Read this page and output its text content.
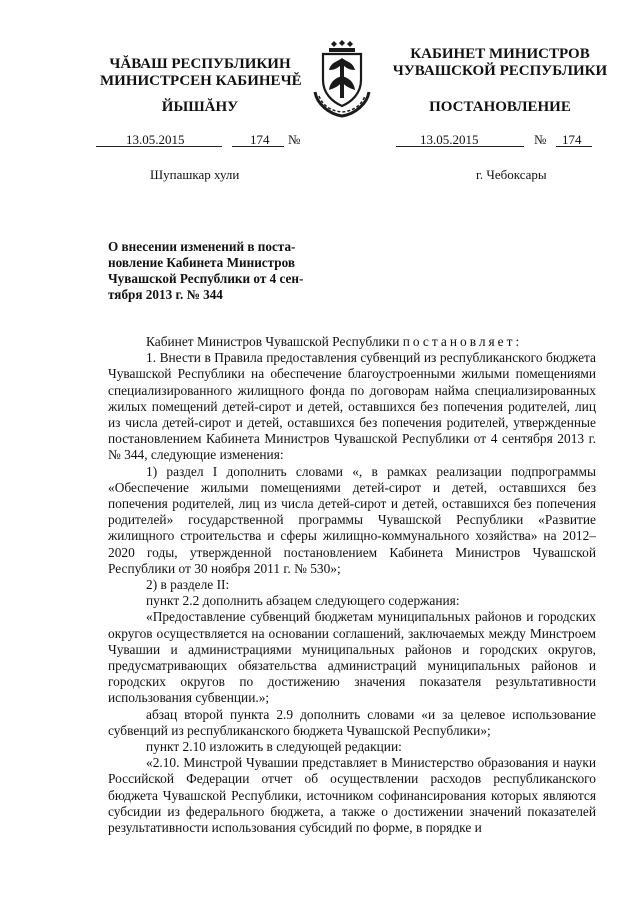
ЧĂВАШ РЕСПУБЛИКИН
МИНИСТРСЕН КАБИНЕЧĚ
ЙЫШĂНУ
КАБИНЕТ МИНИСТРОВ
ЧУВАШСКОЙ РЕСПУБЛИКИ
ПОСТАНОВЛЕНИЕ
13.05.2015	174 №	13.05.2015	№ 174
Шупашкар хули	г. Чебоксары
О внесении изменений в поста-
новление Кабинета Министров
Чувашской Республики от 4 сен-
тября 2013 г. № 344

Кабинет Министров Чувашской Республики постановляет:

1. Внести в Правила предоставления субвенций из республиканского бюджета Чувашской Республики на обеспечение благоустроенными жилыми помещениями специализированного жилищного фонда по договорам найма специализированных жилых помещений детей-сирот и детей, оставшихся без попечения родителей, лиц из числа детей-сирот и детей, оставшихся без попечения родителей, утвержденные постановлением Кабинета Министров Чувашской Республики от 4 сентября 2013 г. № 344, следующие изменения:

1) раздел I дополнить словами «, в рамках реализации подпрограммы «Обеспечение жилыми помещениями детей-сирот и детей, оставшихся без попечения родителей, лиц из числа детей-сирот и детей, оставшихся без попечения родителей» государственной программы Чувашской Республики «Развитие жилищного строительства и сферы жилищно-коммунального хозяйства» на 2012–2020 годы, утвержденной постановлением Кабинета Министров Чувашской Республики от 30 ноября 2011 г. № 530»;

2) в разделе II:

пункт 2.2 дополнить абзацем следующего содержания:

«Предоставление субвенций бюджетам муниципальных районов и городских округов осуществляется на основании соглашений, заключаемых между Минстроем Чувашии и администрациями муниципальных районов и городских округов, предусматривающих обязательства администраций муниципальных районов и городских округов по достижению значения показателя результативности использования субвенции.»;

абзац второй пункта 2.9 дополнить словами «и за целевое использование субвенций из республиканского бюджета Чувашской Республики»;

пункт 2.10 изложить в следующей редакции:

«2.10. Минстрой Чувашии представляет в Министерство образования и науки Российской Федерации отчет об осуществлении расходов республиканского бюджета Чувашской Республики, источником софинансирования которых являются субсидии из федерального бюджета, а также о достижении значений показателей результативности использования субсидий по форме, в порядке и
